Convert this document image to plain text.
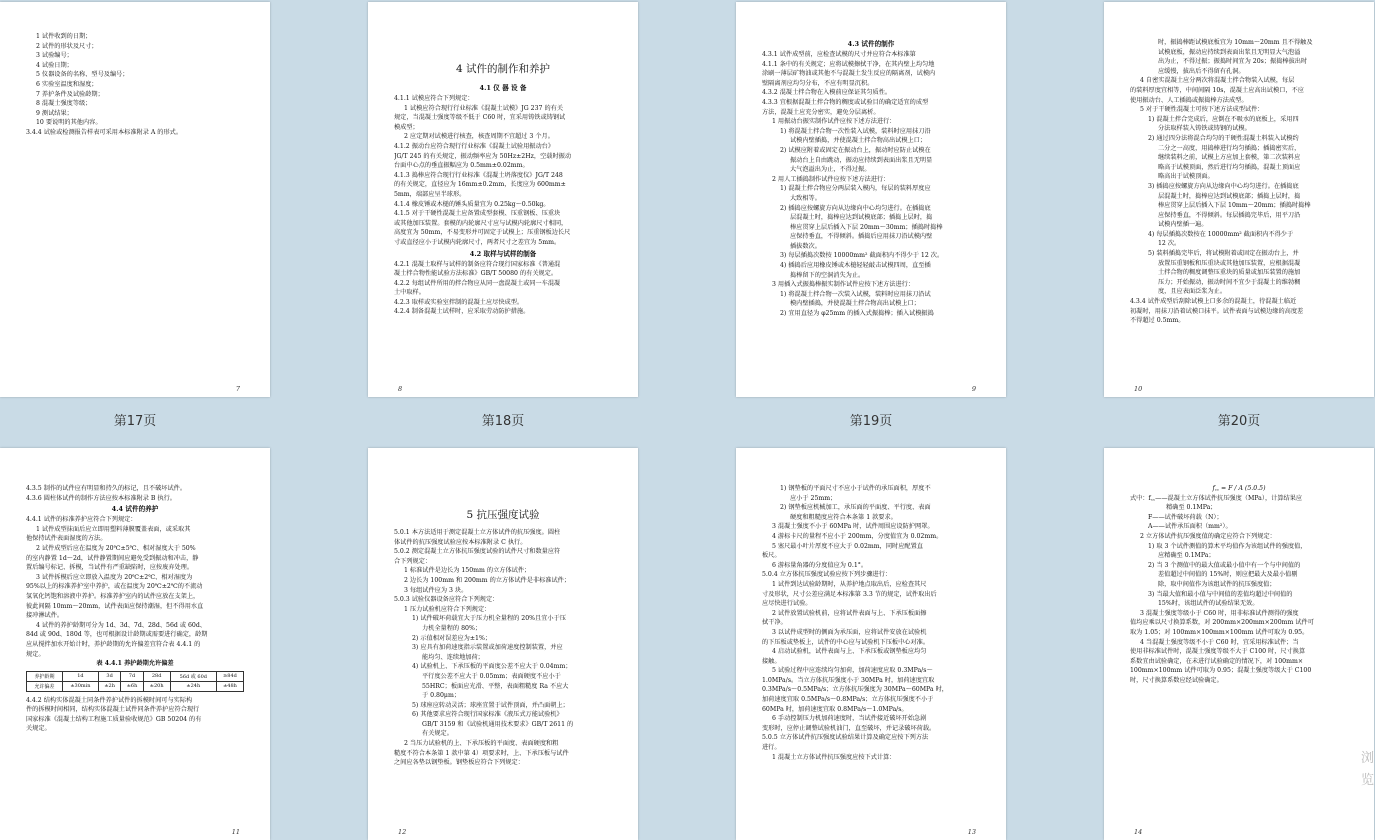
1 试件收到的日期；
2 试件的形状及尺寸；
3 试验编号；
4 试验日期；
5 仪器设备的名称、型号及编号；
6 实验室温度和湿度；
7 养护条件及试验龄期；
8 混凝土强度等级；
9 测试结果；
10 要说明的其他内容。
3.4.4 试验或检测报告样表可采用本标准附录 A 的形式。
7
第17页
4 试件的制作和养护
4.1 仪 器 设 备
4.1.1 试模应符合下列规定：
1 试模应符合现行行业标准《混凝土试模》JG 237 的有关
规定，当混凝土强度等级不低于 C60 时，宜采用铸铁或铸钢试
模成型；
2 应定期对试模进行核查，核查周期不宜超过 3 个月。
4.1.2 振动台应符合现行行业标准《混凝土试验用振动台》
JG/T 245 的有关规定，振动频率应为 50Hz±2Hz，空载时振动
台面中心点的垂直振幅应为 0.5mm±0.02mm。
4.1.3 捣棒应符合现行行业标准《混凝土坍落度仪》JG/T 248
的有关规定，直径应为 16mm±0.2mm，长度应为 600mm±
5mm，端部应呈半球形。
4.1.4 橡皮锤或木槌的锤头质量宜为 0.25kg～0.50kg。
4.1.5 对于干硬性混凝土应备置成型套模、压重钢板、压重块
或其他加压装置。套模的内轮廓尺寸应与试模内轮廓尺寸相同，
高度宜为 50mm，不易变形并可固定于试模上；压重钢板边长尺
寸或直径应小于试模内轮廓尺寸，两者尺寸之差宜为 5mm。
4.2 取样与试样的制备
4.2.1 混凝土取样与试样的制备应符合现行国家标准《普通混
凝土拌合物性能试验方法标准》GB/T 50080 的有关规定。
4.2.2 每组试件所用的拌合物应从同一盘混凝土或同一车混凝
土中取样。
4.2.3 取样或实验室拌制的混凝土应尽快成型。
4.2.4 制备混凝土试样时，应采取劳动防护措施。
8
第18页
4.3 试件的制作
4.3.1 试件成型前，应检查试模的尺寸并应符合本标准第
4.1.1 条中的有关规定；应将试模擦拭干净，在其内壁上均匀地
涂刷一薄层矿物油或其他不与混凝土发生反应的隔离剂，试模内
壁隔离剂应均匀分布，不应有明显沉积。
4.3.2 混凝土拌合物在入模前应保证其匀质性。
4.3.3 宜根据混凝土拌合物的稠度或试验目的确定适宜的成型
方法，混凝土应充分密实，避免分层离析。
1 用振动台振实制作试件应按下述方法进行：
1) 将混凝土拌合物一次性装入试模，装料时应用抹刀沿
试模内壁插捣，并使混凝土拌合物高出试模上口；
2) 试模应附着或固定在振动台上，振动时应防止试模在
振动台上自由跳动，振动应持续到表面出浆且无明显
大气泡溢出为止，不得过振。
2 用人工插捣制作试件应按下述方法进行：
1) 混凝土拌合物应分两层装入模内，每层的装料厚度应
大致相等。
2) 插捣应按螺旋方向从边缘向中心均匀进行。在插捣底
层混凝土时，捣棒应达到试模底部；插捣上层时，捣
棒应贯穿上层后插入下层 20mm～30mm；插捣时捣棒
应保持垂直，不得倾斜。插捣后应用抹刀沿试模内壁
插拔数次。
3) 每层插捣次数按 10000mm² 截面积内不得少于 12 次。
4) 插捣后应用橡皮锤或木槌轻轻敲击试模四周，直至插
捣棒留下的空洞消失为止。
3 用插入式振捣棒振实制作试件应按下述方法进行：
1) 将混凝土拌合物一次装入试模，装料时应用抹刀沿试
模内壁插捣，并使混凝土拌合物高出试模上口；
2) 宜用直径为 φ25mm 的插入式振捣棒；插入试模振捣
9
第19页
时，振捣棒距试模底板宜为 10mm～20mm 且不得触及
试模底板，振动应持续到表面出浆且无明显大气泡溢
出为止，不得过振；振捣时间宜为 20s；振捣棒拔出时
应缓慢，拔出后不得留有孔洞。
4 自密实混凝土应分两次将混凝土拌合物装入试模，每层
的装料厚度宜相等，中间间隔 10s，混凝土应高出试模口，不应
使用振动台、人工插捣或振捣棒方法成型。
5 对于干硬性混凝土可按下述方法成型试件：
1) 混凝土拌合完成后，应倒在不吸水的底板上，采用四
分法取样装入铸铁或铸钢的试模。
2) 通过四分法将混合均匀的干硬性混凝土料装入试模约
二分之一高度，用捣棒进行均匀插捣；插捣密实后，
继续装料之前，试模上方应加上套模，第二次装料应
略高于试模顶面，然后进行均匀插捣，混凝土顶面应
略高出于试模顶面。
3) 插捣应按螺旋方向从边缘向中心均匀进行。在插捣底
层混凝土时，捣棒应达到试模底部；插捣上层时，捣
棒应贯穿上层后插入下层 10mm～20mm；插捣时捣棒
应保持垂直，不得倾斜。每层插捣完毕后，用平刀沿
试模内壁插一遍。
4) 每层插捣次数按在 10000mm² 截面积内不得少于
12 次。
5) 装料插捣完毕后，将试模附着或固定在振动台上，并
放置压重钢板和压重块或其他加压装置，应根据混凝
土拌合物的稠度调整压重块的质量或加压装置的施加
压力；开始振动，振动时间不宜少于混凝土的维勃稠
度，且应表面泛浆为止。
4.3.4 试件成型后刮除试模上口多余的混凝土，待混凝土临近
初凝时，用抹刀沿着试模口抹平。试件表面与试模边缘的高度差
不得超过 0.5mm。
10
第20页
4.3.5 制作的试件应有明显和持久的标记，且不破坏试件。
4.3.6 圆柱体试件的制作方法应按本标准附录 B 执行。
4.4 试件的养护
4.4.1 试件的标准养护应符合下列规定：
1 试件成型抹面后应立即用塑料薄膜覆盖表面，或采取其
他保持试件表面湿度的方法。
2 试件成型后应在温度为 20℃±5℃、相对湿度大于 50%
的室内静置 1d～2d，试件静置期间应避免受到振动和冲击，静
置后编号标记、拆模，当试件有严重缺陷时，应按废弃处理。
3 试件拆模后应立即放入温度为 20℃±2℃、相对湿度为
95%以上的标准养护室中养护，或在温度为 20℃±2℃的不流动
氢氧化钙饱和溶液中养护。标准养护室内的试件应放在支架上，
彼此间隔 10mm～20mm，试件表面应保持潮湿，但不得用水直
接冲淋试件。
4 试件的养护龄期可分为 1d、3d、7d、28d、56d 或 60d、
84d 或 90d、180d 等，也可根据设计龄期或需要进行确定，龄期
应从搅拌加水开始计时，养护龄期的允许偏差宜符合表 4.4.1 的
规定。
表 4.4.1 养护龄期允许偏差
养护龄期	1d	3d	7d	28d	56d 或 60d	≥84d
允许偏差	±30min	±2h	±6h	±20h	±24h	±48h
4.4.2 结构实体混凝土同条件养护试件的拆模时间可与实际构
件的拆模时间相同，结构实体混凝土试件同条件养护应符合现行
国家标准《混凝土结构工程施工质量验收规范》GB 50204 的有
关规定。
11
5 抗压强度试验
5.0.1 本方法适用于测定混凝土立方体试件的抗压强度。圆柱
体试件的抗压强度试验应按本标准附录 C 执行。
5.0.2 测定混凝土立方体抗压强度试验的试件尺寸和数量应符
合下列规定：
1 标准试件是边长为 150mm 的立方体试件；
2 边长为 100mm 和 200mm 的立方体试件是非标准试件；
3 每组试件应为 3 块。
5.0.3 试验仪器设备应符合下列规定：
1 压力试验机应符合下列规定：
1) 试件破坏荷载宜大于压力机全量程的 20%且宜小于压
力机全量程的 80%；
2) 示值相对误差应为±1%；
3) 应具有加荷速度指示装置或加荷速度控制装置，并应
能均匀、连续地加荷；
4) 试验机上、下承压板的平面度公差不应大于 0.04mm；
平行度公差不应大于 0.05mm；表面硬度不应小于
55HRC；板面应光滑、平整，表面粗糙度 Ra 不应大
于 0.80μm；
5) 球座应转动灵活；球座宜置于试件顶面，并凸面朝上；
6) 其他要求应符合现行国家标准《液压式万能试验机》
GB/T 3159 和《试验机通用技术要求》GB/T 2611 的
有关规定。
2 当压力试验机的上、下承压板的平面度、表面硬度和粗
糙度不符合本条第 1 款中第 4）项要求时，上、下承压板与试件
之间应各垫以钢垫板。钢垫板应符合下列规定：
12
1) 钢垫板的平面尺寸不应小于试件的承压面积，厚度不
应小于 25mm；
2) 钢垫板应机械加工，承压面的平面度、平行度、表面
硬度和粗糙度应符合本条第 1 款要求。
3 混凝土强度不小于 60MPa 时，试件周围应设防护网罩。
4 游标卡尺的量程不应小于 200mm，分度值宜为 0.02mm。
5 塞尺最小叶片厚度不应大于 0.02mm，同时应配置直
板尺。
6 游标量角器的分度值应为 0.1°。
5.0.4 立方体抗压强度试验应按下列步骤进行：
1 试件到达试验龄期时，从养护地点取出后，应检查其尺
寸及形状，尺寸公差应满足本标准第 3.3 节的规定，试件取出后
应尽快进行试验。
2 试件放置试验机前，应将试件表面与上、下承压板面擦
拭干净。
3 以试件成型时的侧面为承压面，应将试件安放在试验机
的下压板或垫板上，试件的中心应与试验机下压板中心对准。
4 启动试验机，试件表面与上、下承压板或钢垫板应均匀
接触。
5 试验过程中应连续均匀加荷，加荷速度应取 0.3MPa/s～
1.0MPa/s。当立方体抗压强度小于 30MPa 时，加荷速度宜取
0.3MPa/s～0.5MPa/s；立方体抗压强度为 30MPa～60MPa 时，
加荷速度宜取 0.5MPa/s～0.8MPa/s；立方体抗压强度不小于
60MPa 时，加荷速度宜取 0.8MPa/s～1.0MPa/s。
6 手动控制压力机加荷速度时，当试件接近破坏开始急剧
变形时，应停止调整试验机油门，直至破坏，并记录破坏荷载。
5.0.5 立方体试件抗压强度试验结果计算及确定应按下列方法
进行。
1 混凝土立方体试件抗压强度应按下式计算：
13
f꜀꜀ = F / A (5.0.5)
式中：f꜀꜀——混凝土立方体试件抗压强度（MPa），计算结果应
精确至 0.1MPa；
F——试件破坏荷载（N）；
A——试件承压面积（mm²）。
2 立方体试件抗压强度值的确定应符合下列规定：
1) 取 3 个试件测值的算术平均值作为该组试件的强度值，
应精确至 0.1MPa；
2) 当 3 个测值中的最大值或最小值中有一个与中间值的
差值超过中间值的 15%时，则应把最大及最小值剔
除，取中间值作为该组试件的抗压强度值；
3) 当最大值和最小值与中间值的差值均超过中间值的
15%时，该组试件的试验结果无效。
3 混凝土强度等级小于 C60 时，用非标准试件测得的强度
值均应乘以尺寸换算系数，对 200mm×200mm×200mm 试件可
取为 1.05；对 100mm×100mm×100mm 试件可取为 0.95。
4 当混凝土强度等级不小于 C60 时，宜采用标准试件；当
使用非标准试件时，混凝土强度等级不大于 C100 时，尺寸换算
系数宜由试验确定，在未进行试验确定的情况下，对 100mm×
100mm×100mm 试件可取为 0.95；混凝土强度等级大于 C100
时，尺寸换算系数应经试验确定。
14
浏览
